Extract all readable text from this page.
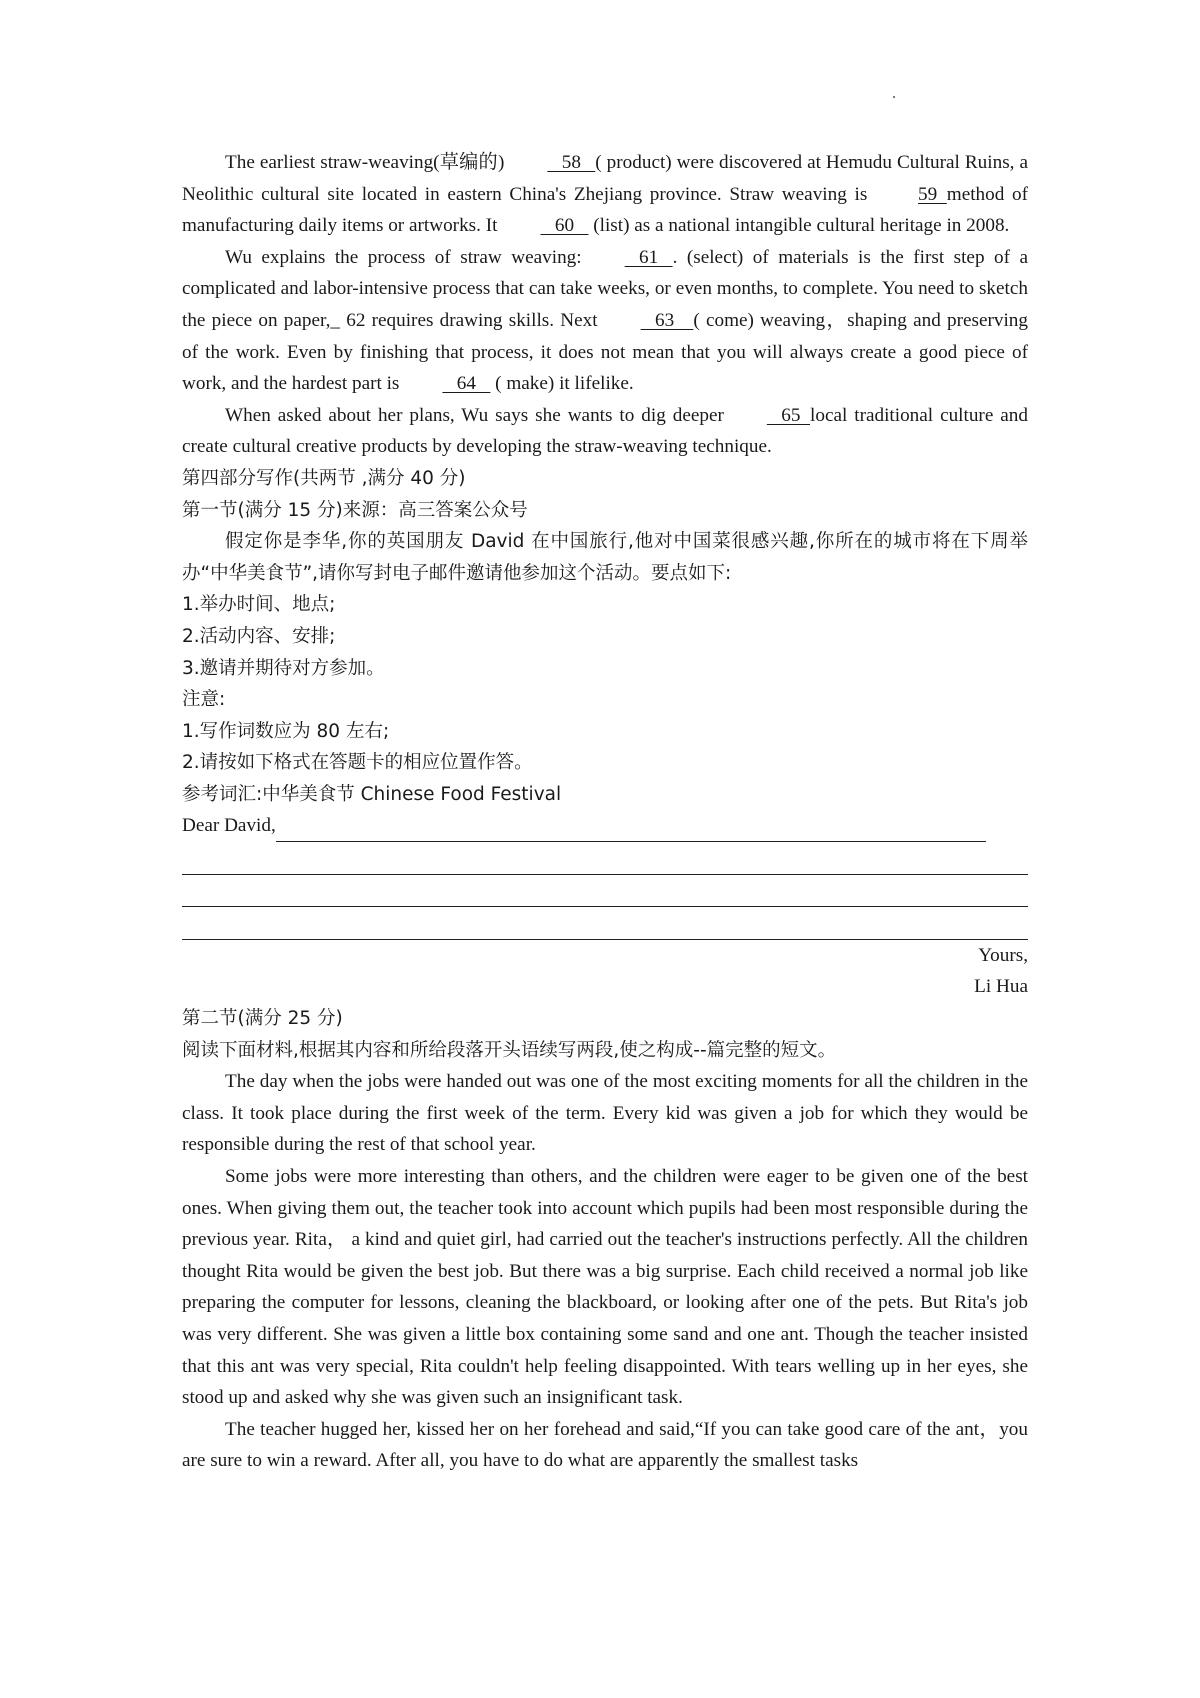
The earliest straw-weaving(草编的)   58   ( product) were discovered at Hemudu Cultural Ruins, a Neolithic cultural site located in eastern China's Zhejiang province. Straw weaving is 59  method of manufacturing daily items or artworks. It   60    (list) as a national intangible cultural heritage in 2008.

Wu explains the process of straw weaving:   61   . (select) of materials is the first step of a complicated and labor-intensive process that can take weeks, or even months, to complete. You need to sketch the piece on paper,_ 62 requires drawing skills. Next   63    ( come) weaving，shaping and preserving of the work. Even by finishing that process, it does not mean that you will always create a good piece of work, and the hardest part is   64    ( make) it lifelike.

When asked about her plans, Wu says she wants to dig deeper   65  local traditional culture and create cultural creative products by developing the straw-weaving technique.

第四部分写作(共两节 ,满分 40 分)

第一节(满分 15 分)来源：高三答案公众号

假定你是李华,你的英国朋友 David 在中国旅行,他对中国菜很感兴趣,你所在的城市将在下周举办“中华美食节”,请你写封电子邮件邀请他参加这个活动。要点如下:

1.举办时间、地点;

2.活动内容、安排;

3.邀请并期待对方参加。

注意:

1.写作词数应为 80 左右;

2.请按如下格式在答题卡的相应位置作答。

参考词汇:中华美食节 Chinese Food Festival

Dear David,

Yours,

Li Hua

第二节(满分 25 分)

阅读下面材料,根据其内容和所给段落开头语续写两段,使之构成--篇完整的短文。

The day when the jobs were handed out was one of the most exciting moments for all the children in the class. It took place during the first week of the term. Every kid was given a job for which they would be responsible during the rest of that school year.

Some jobs were more interesting than others, and the children were eager to be given one of the best ones. When giving them out, the teacher took into account which pupils had been most responsible during the previous year. Rita， a kind and quiet girl, had carried out the teacher's instructions perfectly. All the children thought Rita would be given the best job. But there was a big surprise. Each child received a normal job like preparing the computer for lessons, cleaning the blackboard, or looking after one of the pets. But Rita's job was very different. She was given a little box containing some sand and one ant. Though the teacher insisted that this ant was very special, Rita couldn't help feeling disappointed. With tears welling up in her eyes, she stood up and asked why she was given such an insignificant task.

The teacher hugged her, kissed her on her forehead and said,“If you can take good care of the ant，you are sure to win a reward. After all, you have to do what are apparently the smallest tasks
